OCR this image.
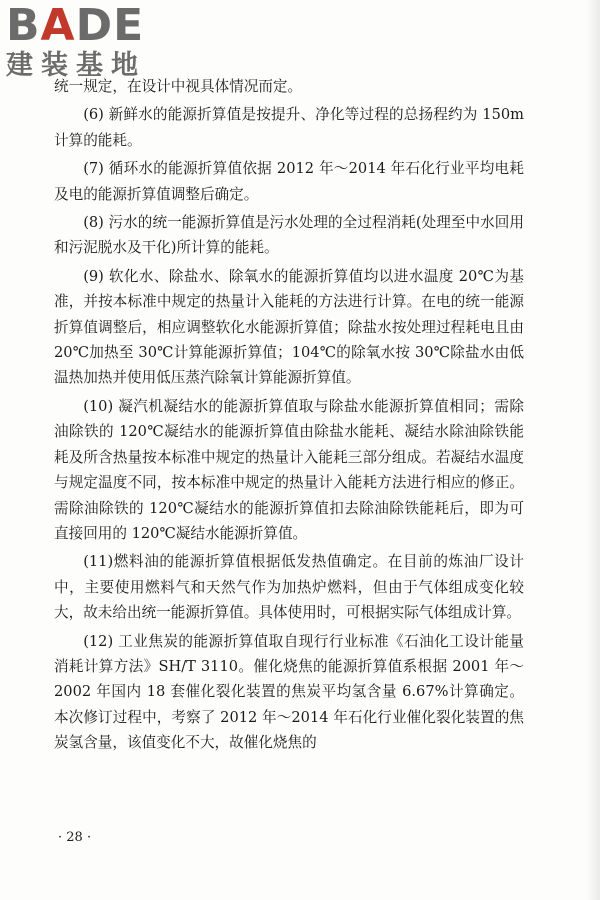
BADE
建装基地

统一规定，在设计中视具体情况而定。

(6) 新鲜水的能源折算值是按提升、净化等过程的总扬程约为 150m 计算的能耗。

(7) 循环水的能源折算值依据 2012 年～2014 年石化行业平均电耗及电的能源折算值调整后确定。

(8) 污水的统一能源折算值是污水处理的全过程消耗(处理至中水回用和污泥脱水及干化)所计算的能耗。

(9) 软化水、除盐水、除氧水的能源折算值均以进水温度 20℃为基准，并按本标准中规定的热量计入能耗的方法进行计算。在电的统一能源折算值调整后，相应调整软化水能源折算值；除盐水按处理过程耗电且由 20℃加热至 30℃计算能源折算值；104℃的除氧水按 30℃除盐水由低温热加热并使用低压蒸汽除氧计算能源折算值。

(10) 凝汽机凝结水的能源折算值取与除盐水能源折算值相同；需除油除铁的 120℃凝结水的能源折算值由除盐水能耗、凝结水除油除铁能耗及所含热量按本标准中规定的热量计入能耗三部分组成。若凝结水温度与规定温度不同，按本标准中规定的热量计入能耗方法进行相应的修正。需除油除铁的 120℃凝结水的能源折算值扣去除油除铁能耗后，即为可直接回用的 120℃凝结水能源折算值。

(11)燃料油的能源折算值根据低发热值确定。在目前的炼油厂设计中，主要使用燃料气和天然气作为加热炉燃料，但由于气体组成变化较大，故未给出统一能源折算值。具体使用时，可根据实际气体组成计算。

(12) 工业焦炭的能源折算值取自现行行业标准《石油化工设计能量消耗计算方法》SH/T 3110。催化烧焦的能源折算值系根据 2001 年～2002 年国内 18 套催化裂化装置的焦炭平均氢含量 6.67%计算确定。本次修订过程中，考察了 2012 年～2014 年石化行业催化裂化装置的焦炭氢含量，该值变化不大，故催化烧焦的

· 28 ·
